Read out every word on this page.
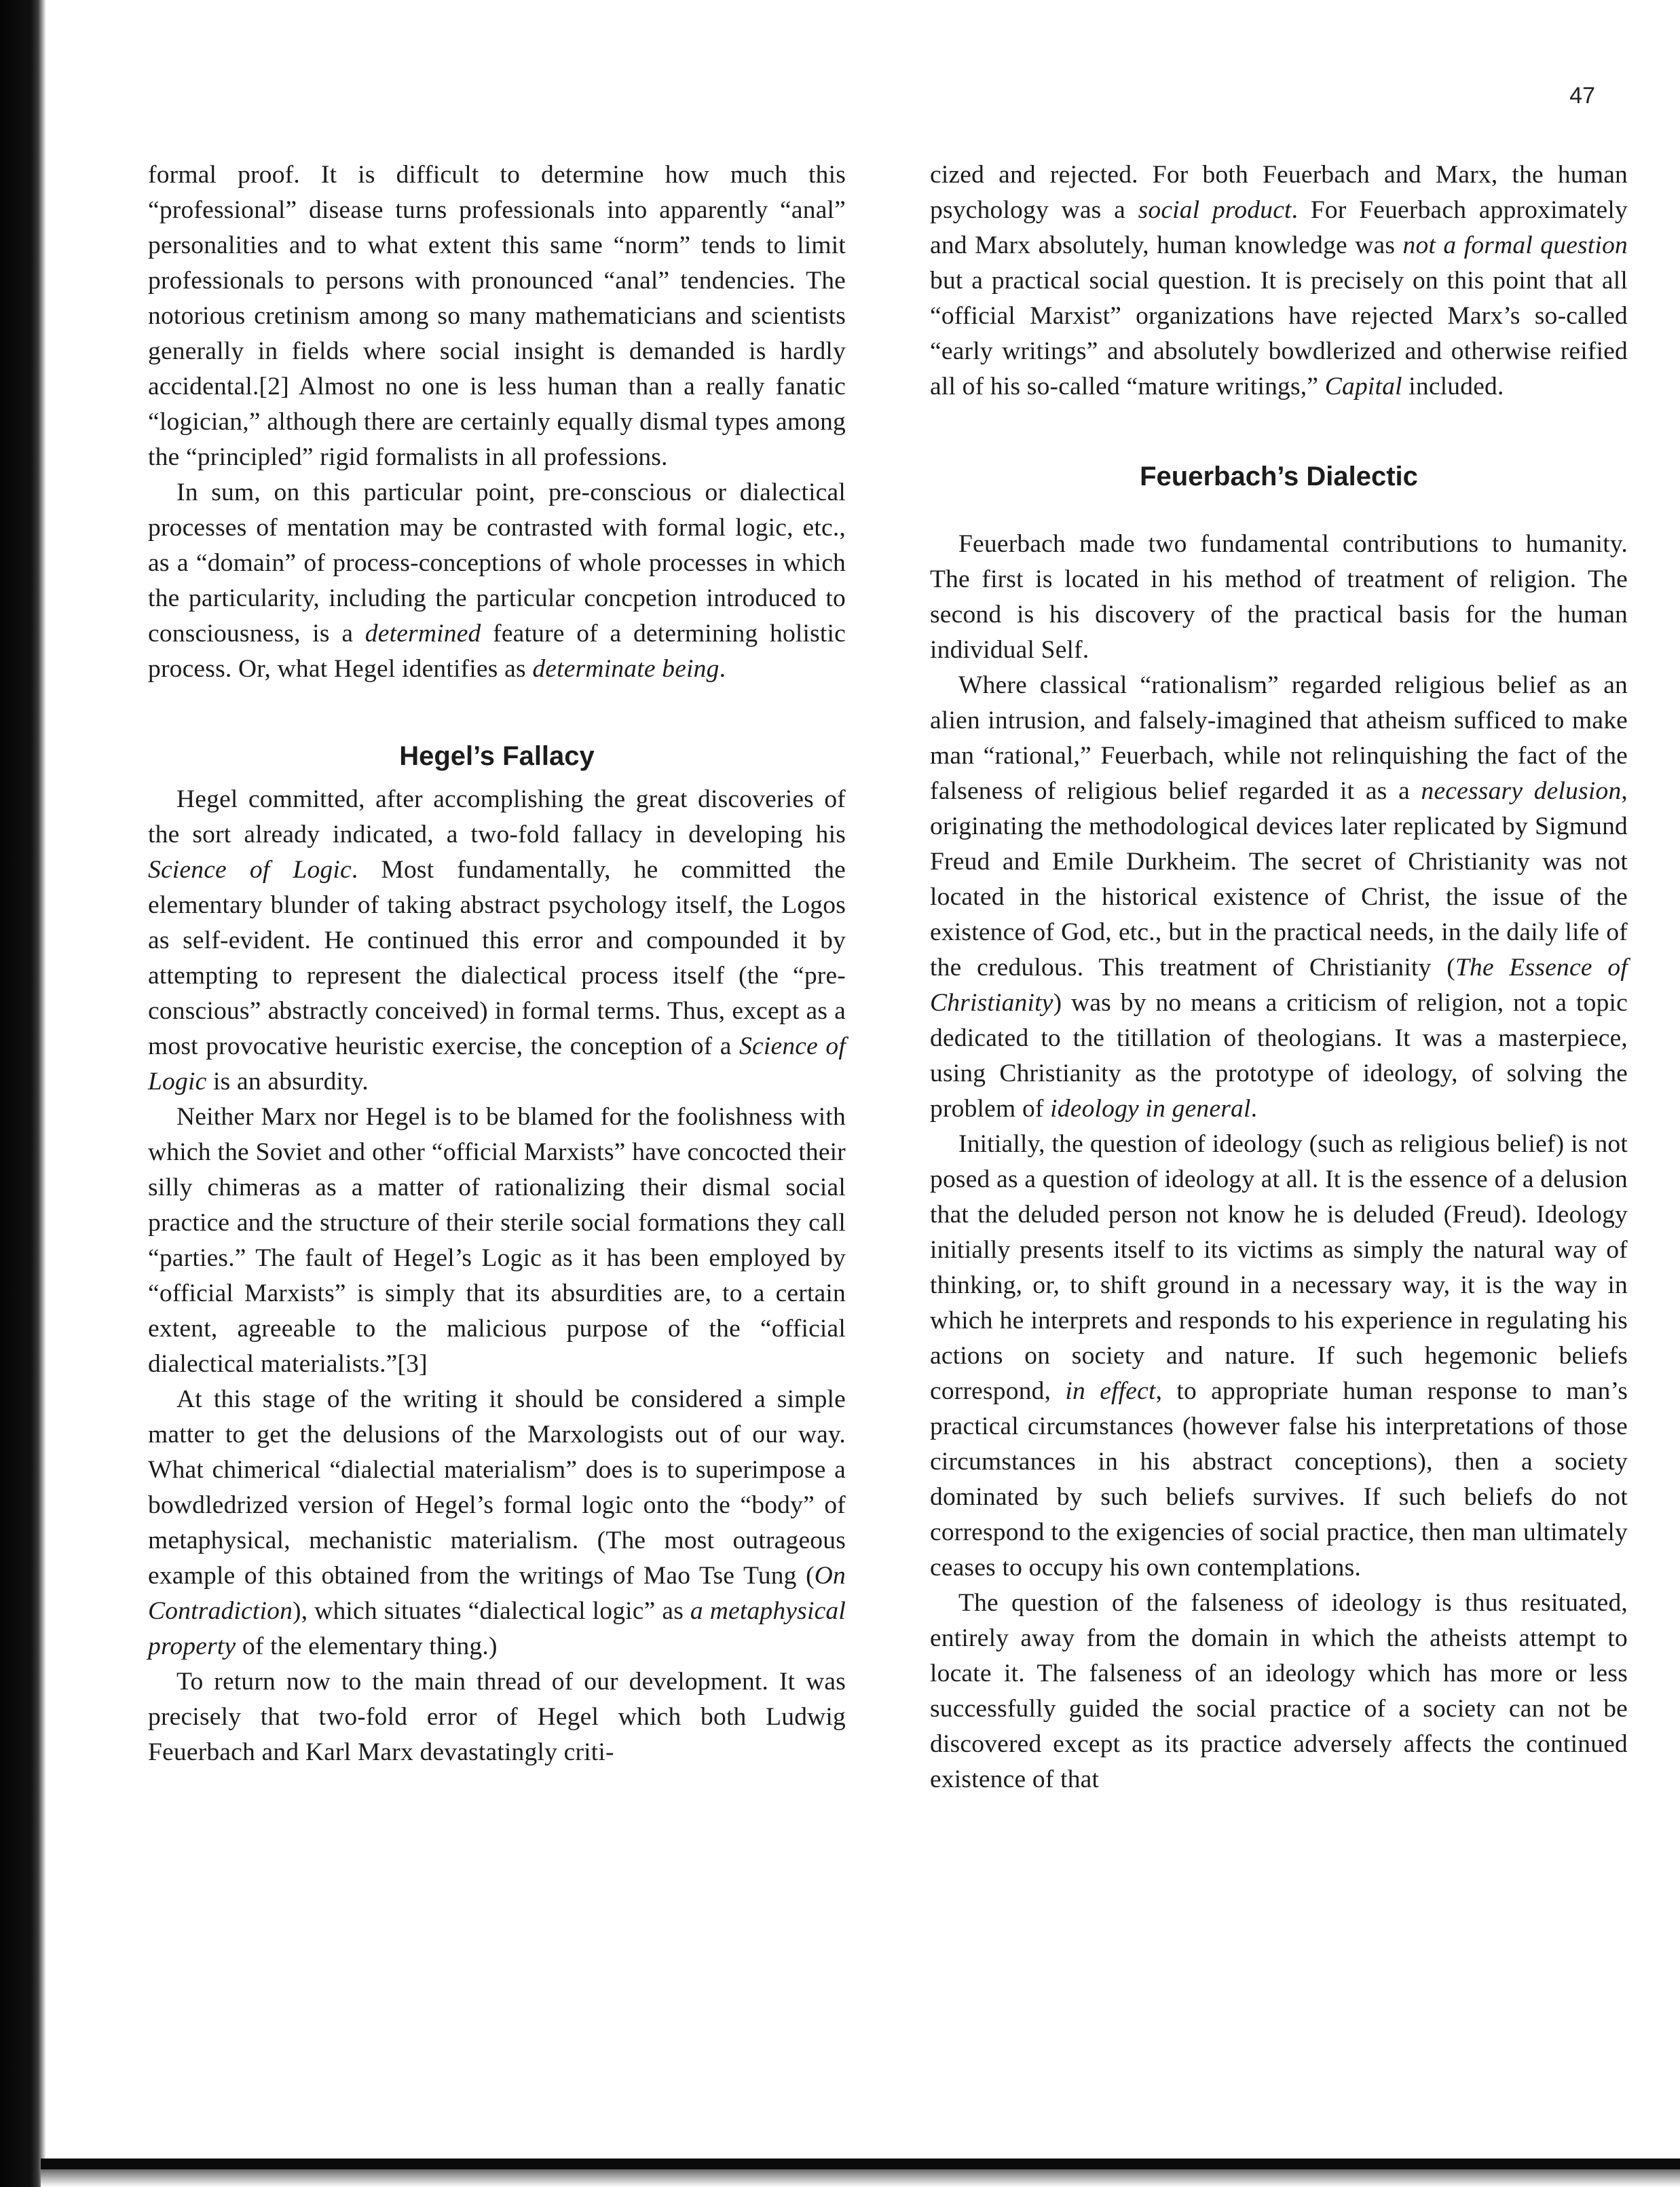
47

formal proof. It is difficult to determine how much this “professional” disease turns professionals into apparently “anal” personalities and to what extent this same “norm” tends to limit professionals to persons with pronounced “anal” tendencies. The notorious cretinism among so many mathematicians and scientists generally in fields where social insight is demanded is hardly accidental.[2] Almost no one is less human than a really fanatic “logician,” although there are certainly equally dismal types among the “principled” rigid formalists in all professions.

In sum, on this particular point, pre-conscious or dialectical processes of mentation may be contrasted with formal logic, etc., as a “domain” of process-conceptions of whole processes in which the particularity, including the particular concpetion introduced to consciousness, is a determined feature of a determining holistic process. Or, what Hegel identifies as determinate being.

Hegel’s Fallacy

Hegel committed, after accomplishing the great discoveries of the sort already indicated, a two-fold fallacy in developing his Science of Logic. Most fundamentally, he committed the elementary blunder of taking abstract psychology itself, the Logos as self-evident. He continued this error and compounded it by attempting to represent the dialectical process itself (the “pre-conscious” abstractly conceived) in formal terms. Thus, except as a most provocative heuristic exercise, the conception of a Science of Logic is an absurdity.

Neither Marx nor Hegel is to be blamed for the foolishness with which the Soviet and other “official Marxists” have concocted their silly chimeras as a matter of rationalizing their dismal social practice and the structure of their sterile social formations they call “parties.” The fault of Hegel’s Logic as it has been employed by “official Marxists” is simply that its absurdities are, to a certain extent, agreeable to the malicious purpose of the “official dialectical materialists.”[3]

At this stage of the writing it should be considered a simple matter to get the delusions of the Marxologists out of our way. What chimerical “dialectial materialism” does is to superimpose a bowdledrized version of Hegel’s formal logic onto the “body” of metaphysical, mechanistic materialism. (The most outrageous example of this obtained from the writings of Mao Tse Tung (On Contradiction), which situates “dialectical logic” as a metaphysical property of the elementary thing.)

To return now to the main thread of our development. It was precisely that two-fold error of Hegel which both Ludwig Feuerbach and Karl Marx devastatingly criti-

cized and rejected. For both Feuerbach and Marx, the human psychology was a social product. For Feuerbach approximately and Marx absolutely, human knowledge was not a formal question but a practical social question. It is precisely on this point that all “official Marxist” organizations have rejected Marx’s so-called “early writings” and absolutely bowdlerized and otherwise reified all of his so-called “mature writings,” Capital included.

Feuerbach’s Dialectic

Feuerbach made two fundamental contributions to humanity. The first is located in his method of treatment of religion. The second is his discovery of the practical basis for the human individual Self.

Where classical “rationalism” regarded religious belief as an alien intrusion, and falsely-imagined that atheism sufficed to make man “rational,” Feuerbach, while not relinquishing the fact of the falseness of religious belief regarded it as a necessary delusion, originating the methodological devices later replicated by Sigmund Freud and Emile Durkheim. The secret of Christianity was not located in the historical existence of Christ, the issue of the existence of God, etc., but in the practical needs, in the daily life of the credulous. This treatment of Christianity (The Essence of Christianity) was by no means a criticism of religion, not a topic dedicated to the titillation of theologians. It was a masterpiece, using Christianity as the prototype of ideology, of solving the problem of ideology in general.

Initially, the question of ideology (such as religious belief) is not posed as a question of ideology at all. It is the essence of a delusion that the deluded person not know he is deluded (Freud). Ideology initially presents itself to its victims as simply the natural way of thinking, or, to shift ground in a necessary way, it is the way in which he interprets and responds to his experience in regulating his actions on society and nature. If such hegemonic beliefs correspond, in effect, to appropriate human response to man’s practical circumstances (however false his interpretations of those circumstances in his abstract conceptions), then a society dominated by such beliefs survives. If such beliefs do not correspond to the exigencies of social practice, then man ultimately ceases to occupy his own contemplations.

The question of the falseness of ideology is thus resituated, entirely away from the domain in which the atheists attempt to locate it. The falseness of an ideology which has more or less successfully guided the social practice of a society can not be discovered except as its practice adversely affects the continued existence of that
